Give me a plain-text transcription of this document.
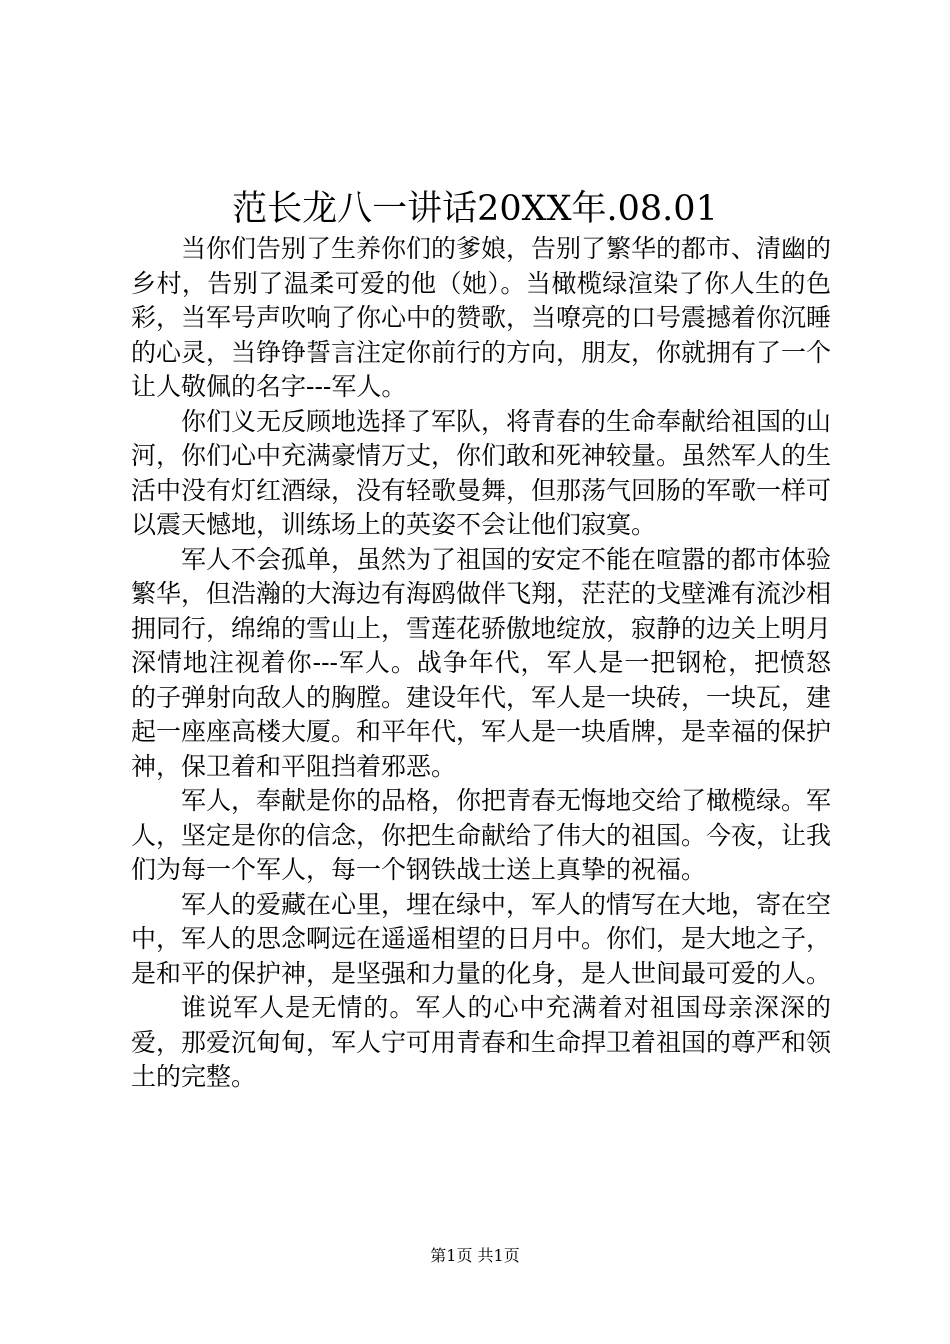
范长龙八一讲话20XX年.08.01

当你们告别了生养你们的爹娘，告别了繁华的都市、清幽的乡村，告别了温柔可爱的他（她）。当橄榄绿渲染了你人生的色彩，当军号声吹响了你心中的赞歌，当嘹亮的口号震撼着你沉睡的心灵，当铮铮誓言注定你前行的方向，朋友，你就拥有了一个让人敬佩的名字---军人。

你们义无反顾地选择了军队，将青春的生命奉献给祖国的山河，你们心中充满豪情万丈，你们敢和死神较量。虽然军人的生活中没有灯红酒绿，没有轻歌曼舞，但那荡气回肠的军歌一样可以震天憾地，训练场上的英姿不会让他们寂寞。

军人不会孤单，虽然为了祖国的安定不能在喧嚣的都市体验繁华，但浩瀚的大海边有海鸥做伴飞翔，茫茫的戈壁滩有流沙相拥同行，绵绵的雪山上，雪莲花骄傲地绽放，寂静的边关上明月深情地注视着你---军人。战争年代，军人是一把钢枪，把愤怒的子弹射向敌人的胸膛。建设年代，军人是一块砖，一块瓦，建起一座座高楼大厦。和平年代，军人是一块盾牌，是幸福的保护神，保卫着和平阻挡着邪恶。

军人，奉献是你的品格，你把青春无悔地交给了橄榄绿。军人，坚定是你的信念，你把生命献给了伟大的祖国。今夜，让我们为每一个军人，每一个钢铁战士送上真挚的祝福。

军人的爱藏在心里，埋在绿中，军人的情写在大地，寄在空中，军人的思念啊远在遥遥相望的日月中。你们，是大地之子，是和平的保护神，是坚强和力量的化身，是人世间最可爱的人。

谁说军人是无情的。军人的心中充满着对祖国母亲深深的爱，那爱沉甸甸，军人宁可用青春和生命捍卫着祖国的尊严和领土的完整。

第1页 共1页
